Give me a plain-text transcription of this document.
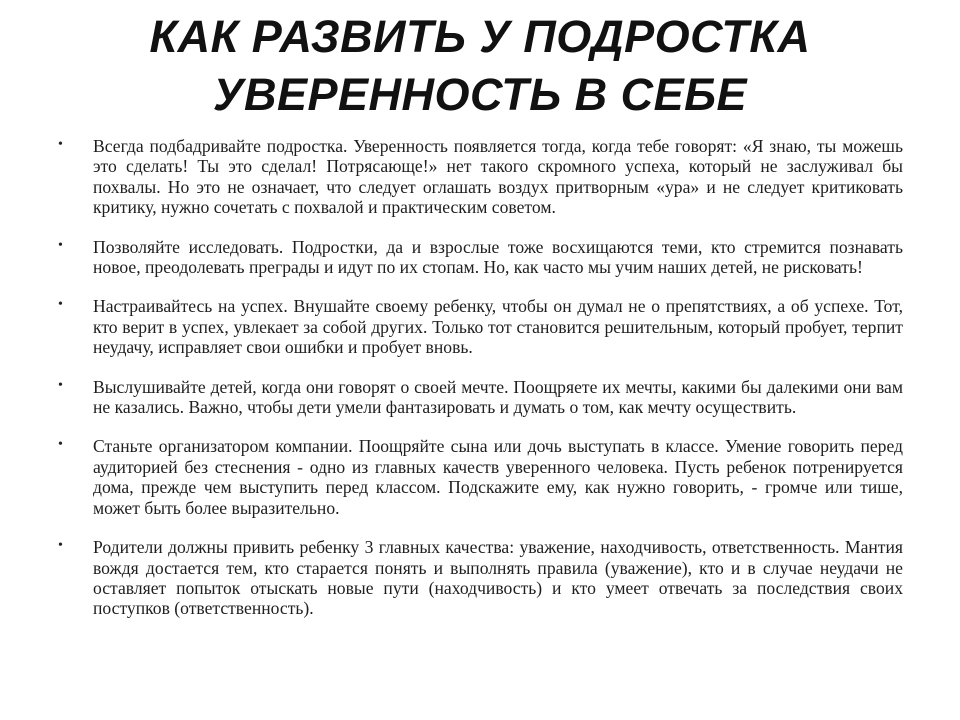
КАК РАЗВИТЬ У ПОДРОСТКА
УВЕРЕННОСТЬ В СЕБЕ
• Всегда подбадривайте подростка. Уверенность появляется тогда, когда тебе говорят: «Я знаю, ты можешь это сделать! Ты это сделал! Потрясающе!» нет такого скромного успеха, который не заслуживал бы похвалы. Но это не означает, что следует оглашать воздух притворным «ура» и не следует критиковать критику, нужно сочетать с похвалой и практическим советом.
• Позволяйте исследовать. Подростки, да и взрослые тоже восхищаются теми, кто стремится познавать новое, преодолевать преграды и идут по их стопам. Но, как часто мы учим наших детей, не рисковать!
• Настраивайтесь на успех. Внушайте своему ребенку, чтобы он думал не о препятствиях, а об успехе. Тот, кто верит в успех, увлекает за собой других. Только тот становится решительным, который пробует, терпит неудачу, исправляет свои ошибки и пробует вновь.
• Выслушивайте детей, когда они говорят о своей мечте. Поощряете их мечты, какими бы далекими они вам не казались. Важно, чтобы дети умели фантазировать и думать о том, как мечту осуществить.
• Станьте организатором компании. Поощряйте сына или дочь выступать в классе. Умение говорить перед аудиторией без стеснения - одно из главных качеств уверенного человека. Пусть ребенок потренируется дома, прежде чем выступить перед классом. Подскажите ему, как нужно говорить, - громче или тише, может быть более выразительно.
• Родители должны привить ребенку 3 главных качества: уважение, находчивость, ответственность. Мантия вождя достается тем, кто старается понять и выполнять правила (уважение), кто и в случае неудачи не оставляет попыток отыскать новые пути (находчивость) и кто умеет отвечать за последствия своих поступков (ответственность).
